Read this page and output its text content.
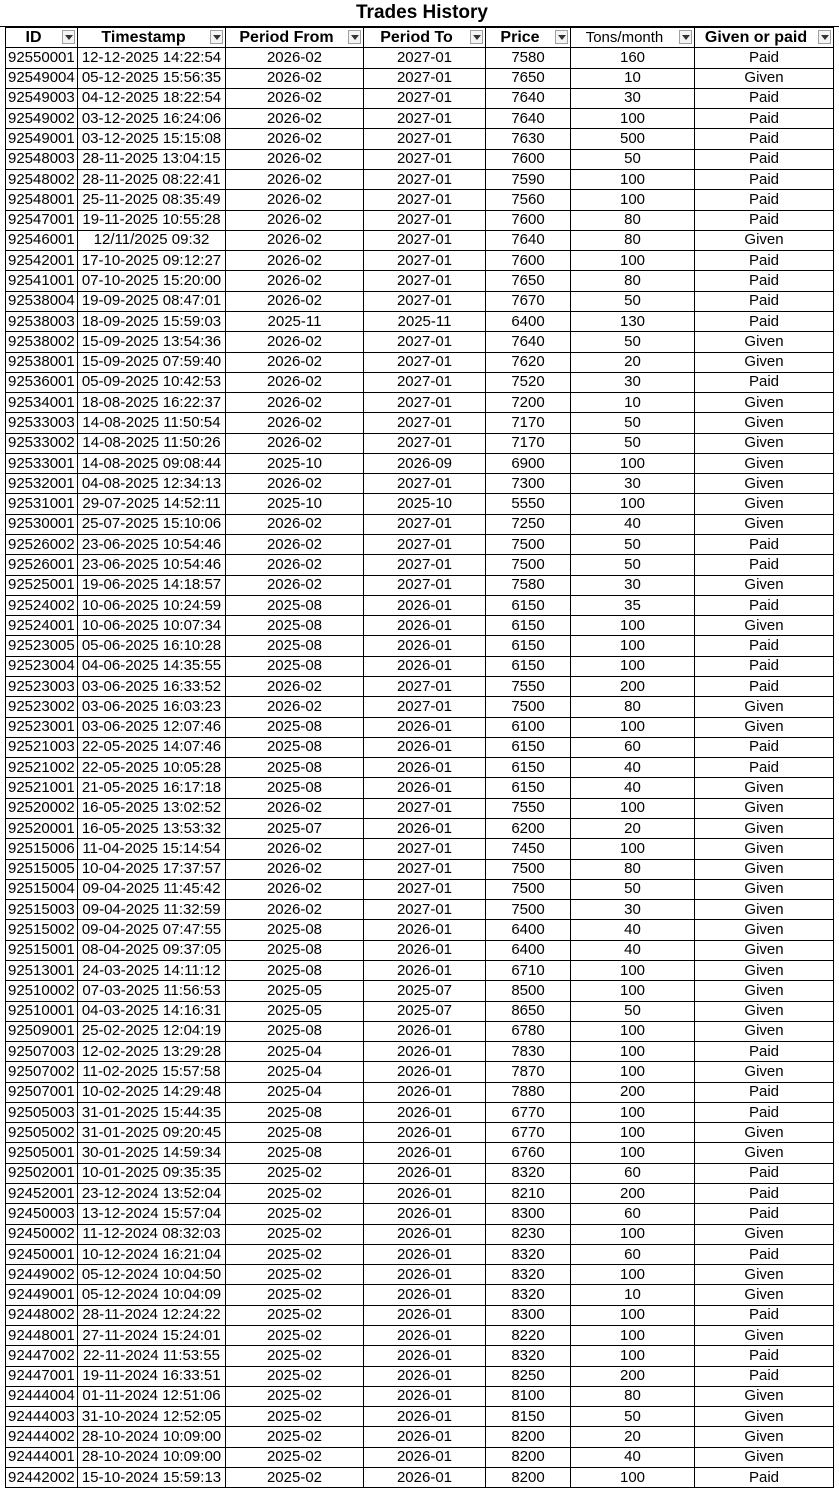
Trades History
ID	Timestamp	Period From	Period To	Price	Tons/month	Given or paid

92550001	12-12-2025 14:22:54	2026-02	2027-01	7580	160	Paid
92549004	05-12-2025 15:56:35	2026-02	2027-01	7650	10	Given
92549003	04-12-2025 18:22:54	2026-02	2027-01	7640	30	Paid
92549002	03-12-2025 16:24:06	2026-02	2027-01	7640	100	Paid
92549001	03-12-2025 15:15:08	2026-02	2027-01	7630	500	Paid
92548003	28-11-2025 13:04:15	2026-02	2027-01	7600	50	Paid
92548002	28-11-2025 08:22:41	2026-02	2027-01	7590	100	Paid
92548001	25-11-2025 08:35:49	2026-02	2027-01	7560	100	Paid
92547001	19-11-2025 10:55:28	2026-02	2027-01	7600	80	Paid
92546001	12/11/2025 09:32	2026-02	2027-01	7640	80	Given
92542001	17-10-2025 09:12:27	2026-02	2027-01	7600	100	Paid
92541001	07-10-2025 15:20:00	2026-02	2027-01	7650	80	Paid
92538004	19-09-2025 08:47:01	2026-02	2027-01	7670	50	Paid
92538003	18-09-2025 15:59:03	2025-11	2025-11	6400	130	Paid
92538002	15-09-2025 13:54:36	2026-02	2027-01	7640	50	Given
92538001	15-09-2025 07:59:40	2026-02	2027-01	7620	20	Given
92536001	05-09-2025 10:42:53	2026-02	2027-01	7520	30	Paid
92534001	18-08-2025 16:22:37	2026-02	2027-01	7200	10	Given
92533003	14-08-2025 11:50:54	2026-02	2027-01	7170	50	Given
92533002	14-08-2025 11:50:26	2026-02	2027-01	7170	50	Given
92533001	14-08-2025 09:08:44	2025-10	2026-09	6900	100	Given
92532001	04-08-2025 12:34:13	2026-02	2027-01	7300	30	Given
92531001	29-07-2025 14:52:11	2025-10	2025-10	5550	100	Given
92530001	25-07-2025 15:10:06	2026-02	2027-01	7250	40	Given
92526002	23-06-2025 10:54:46	2026-02	2027-01	7500	50	Paid
92526001	23-06-2025 10:54:46	2026-02	2027-01	7500	50	Paid
92525001	19-06-2025 14:18:57	2026-02	2027-01	7580	30	Given
92524002	10-06-2025 10:24:59	2025-08	2026-01	6150	35	Paid
92524001	10-06-2025 10:07:34	2025-08	2026-01	6150	100	Given
92523005	05-06-2025 16:10:28	2025-08	2026-01	6150	100	Paid
92523004	04-06-2025 14:35:55	2025-08	2026-01	6150	100	Paid
92523003	03-06-2025 16:33:52	2026-02	2027-01	7550	200	Paid
92523002	03-06-2025 16:03:23	2026-02	2027-01	7500	80	Given
92523001	03-06-2025 12:07:46	2025-08	2026-01	6100	100	Given
92521003	22-05-2025 14:07:46	2025-08	2026-01	6150	60	Paid
92521002	22-05-2025 10:05:28	2025-08	2026-01	6150	40	Paid
92521001	21-05-2025 16:17:18	2025-08	2026-01	6150	40	Given
92520002	16-05-2025 13:02:52	2026-02	2027-01	7550	100	Given
92520001	16-05-2025 13:53:32	2025-07	2026-01	6200	20	Given
92515006	11-04-2025 15:14:54	2026-02	2027-01	7450	100	Given
92515005	10-04-2025 17:37:57	2026-02	2027-01	7500	80	Given
92515004	09-04-2025 11:45:42	2026-02	2027-01	7500	50	Given
92515003	09-04-2025 11:32:59	2026-02	2027-01	7500	30	Given
92515002	09-04-2025 07:47:55	2025-08	2026-01	6400	40	Given
92515001	08-04-2025 09:37:05	2025-08	2026-01	6400	40	Given
92513001	24-03-2025 14:11:12	2025-08	2026-01	6710	100	Given
92510002	07-03-2025 11:56:53	2025-05	2025-07	8500	100	Given
92510001	04-03-2025 14:16:31	2025-05	2025-07	8650	50	Given
92509001	25-02-2025 12:04:19	2025-08	2026-01	6780	100	Given
92507003	12-02-2025 13:29:28	2025-04	2026-01	7830	100	Paid
92507002	11-02-2025 15:57:58	2025-04	2026-01	7870	100	Given
92507001	10-02-2025 14:29:48	2025-04	2026-01	7880	200	Paid
92505003	31-01-2025 15:44:35	2025-08	2026-01	6770	100	Paid
92505002	31-01-2025 09:20:45	2025-08	2026-01	6770	100	Given
92505001	30-01-2025 14:59:34	2025-08	2026-01	6760	100	Given
92502001	10-01-2025 09:35:35	2025-02	2026-01	8320	60	Paid
92452001	23-12-2024 13:52:04	2025-02	2026-01	8210	200	Paid
92450003	13-12-2024 15:57:04	2025-02	2026-01	8300	60	Paid
92450002	11-12-2024 08:32:03	2025-02	2026-01	8230	100	Given
92450001	10-12-2024 16:21:04	2025-02	2026-01	8320	60	Paid
92449002	05-12-2024 10:04:50	2025-02	2026-01	8320	100	Given
92449001	05-12-2024 10:04:09	2025-02	2026-01	8320	10	Given
92448002	28-11-2024 12:24:22	2025-02	2026-01	8300	100	Paid
92448001	27-11-2024 15:24:01	2025-02	2026-01	8220	100	Given
92447002	22-11-2024 11:53:55	2025-02	2026-01	8320	100	Paid
92447001	19-11-2024 16:33:51	2025-02	2026-01	8250	200	Paid
92444004	01-11-2024 12:51:06	2025-02	2026-01	8100	80	Given
92444003	31-10-2024 12:52:05	2025-02	2026-01	8150	50	Given
92444002	28-10-2024 10:09:00	2025-02	2026-01	8200	20	Given
92444001	28-10-2024 10:09:00	2025-02	2026-01	8200	40	Given
92442002	15-10-2024 15:59:13	2025-02	2026-01	8200	100	Paid
